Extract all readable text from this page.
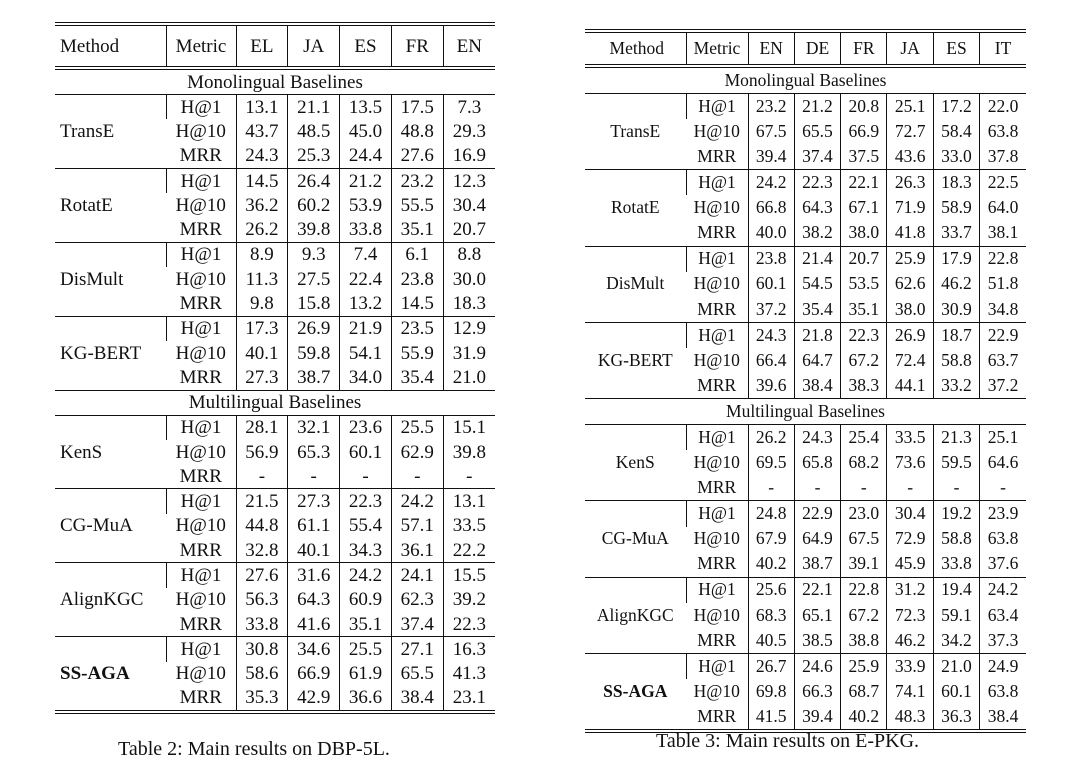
Method	Metric	EL	JA	ES	FR	EN
Monolingual Baselines						
TransE	H@1	13.1	21.1	13.5	17.5	7.3
	H@10	43.7	48.5	45.0	48.8	29.3
	MRR	24.3	25.3	24.4	27.6	16.9
RotatE	H@1	14.5	26.4	21.2	23.2	12.3
	H@10	36.2	60.2	53.9	55.5	30.4
	MRR	26.2	39.8	33.8	35.1	20.7
DisMult	H@1	8.9	9.3	7.4	6.1	8.8
	H@10	11.3	27.5	22.4	23.8	30.0
	MRR	9.8	15.8	13.2	14.5	18.3
KG-BERT	H@1	17.3	26.9	21.9	23.5	12.9
	H@10	40.1	59.8	54.1	55.9	31.9
	MRR	27.3	38.7	34.0	35.4	21.0
Multilingual Baselines						
KenS	H@1	28.1	32.1	23.6	25.5	15.1
	H@10	56.9	65.3	60.1	62.9	39.8
	MRR	-	-	-	-	-
CG-MuA	H@1	21.5	27.3	22.3	24.2	13.1
	H@10	44.8	61.1	55.4	57.1	33.5
	MRR	32.8	40.1	34.3	36.1	22.2
AlignKGC	H@1	27.6	31.6	24.2	24.1	15.5
	H@10	56.3	64.3	60.9	62.3	39.2
	MRR	33.8	41.6	35.1	37.4	22.3
SS-AGA	H@1	30.8	34.6	25.5	27.1	16.3
	H@10	58.6	66.9	61.9	65.5	41.3
	MRR	35.3	42.9	36.6	38.4	23.1
Method	Metric	EN	DE	FR	JA	ES	IT
Monolingual Baselines							
TransE	H@1	23.2	21.2	20.8	25.1	17.2	22.0
	H@10	67.5	65.5	66.9	72.7	58.4	63.8
	MRR	39.4	37.4	37.5	43.6	33.0	37.8
RotatE	H@1	24.2	22.3	22.1	26.3	18.3	22.5
	H@10	66.8	64.3	67.1	71.9	58.9	64.0
	MRR	40.0	38.2	38.0	41.8	33.7	38.1
DisMult	H@1	23.8	21.4	20.7	25.9	17.9	22.8
	H@10	60.1	54.5	53.5	62.6	46.2	51.8
	MRR	37.2	35.4	35.1	38.0	30.9	34.8
KG-BERT	H@1	24.3	21.8	22.3	26.9	18.7	22.9
	H@10	66.4	64.7	67.2	72.4	58.8	63.7
	MRR	39.6	38.4	38.3	44.1	33.2	37.2
Multilingual Baselines							
KenS	H@1	26.2	24.3	25.4	33.5	21.3	25.1
	H@10	69.5	65.8	68.2	73.6	59.5	64.6
	MRR	-	-	-	-	-	-
CG-MuA	H@1	24.8	22.9	23.0	30.4	19.2	23.9
	H@10	67.9	64.9	67.5	72.9	58.8	63.8
	MRR	40.2	38.7	39.1	45.9	33.8	37.6
AlignKGC	H@1	25.6	22.1	22.8	31.2	19.4	24.2
	H@10	68.3	65.1	67.2	72.3	59.1	63.4
	MRR	40.5	38.5	38.8	46.2	34.2	37.3
SS-AGA	H@1	26.7	24.6	25.9	33.9	21.0	24.9
	H@10	69.8	66.3	68.7	74.1	60.1	63.8
	MRR	41.5	39.4	40.2	48.3	36.3	38.4
Table 2: Main results on DBP-5L.	Table 3: Main results on E-PKG.
